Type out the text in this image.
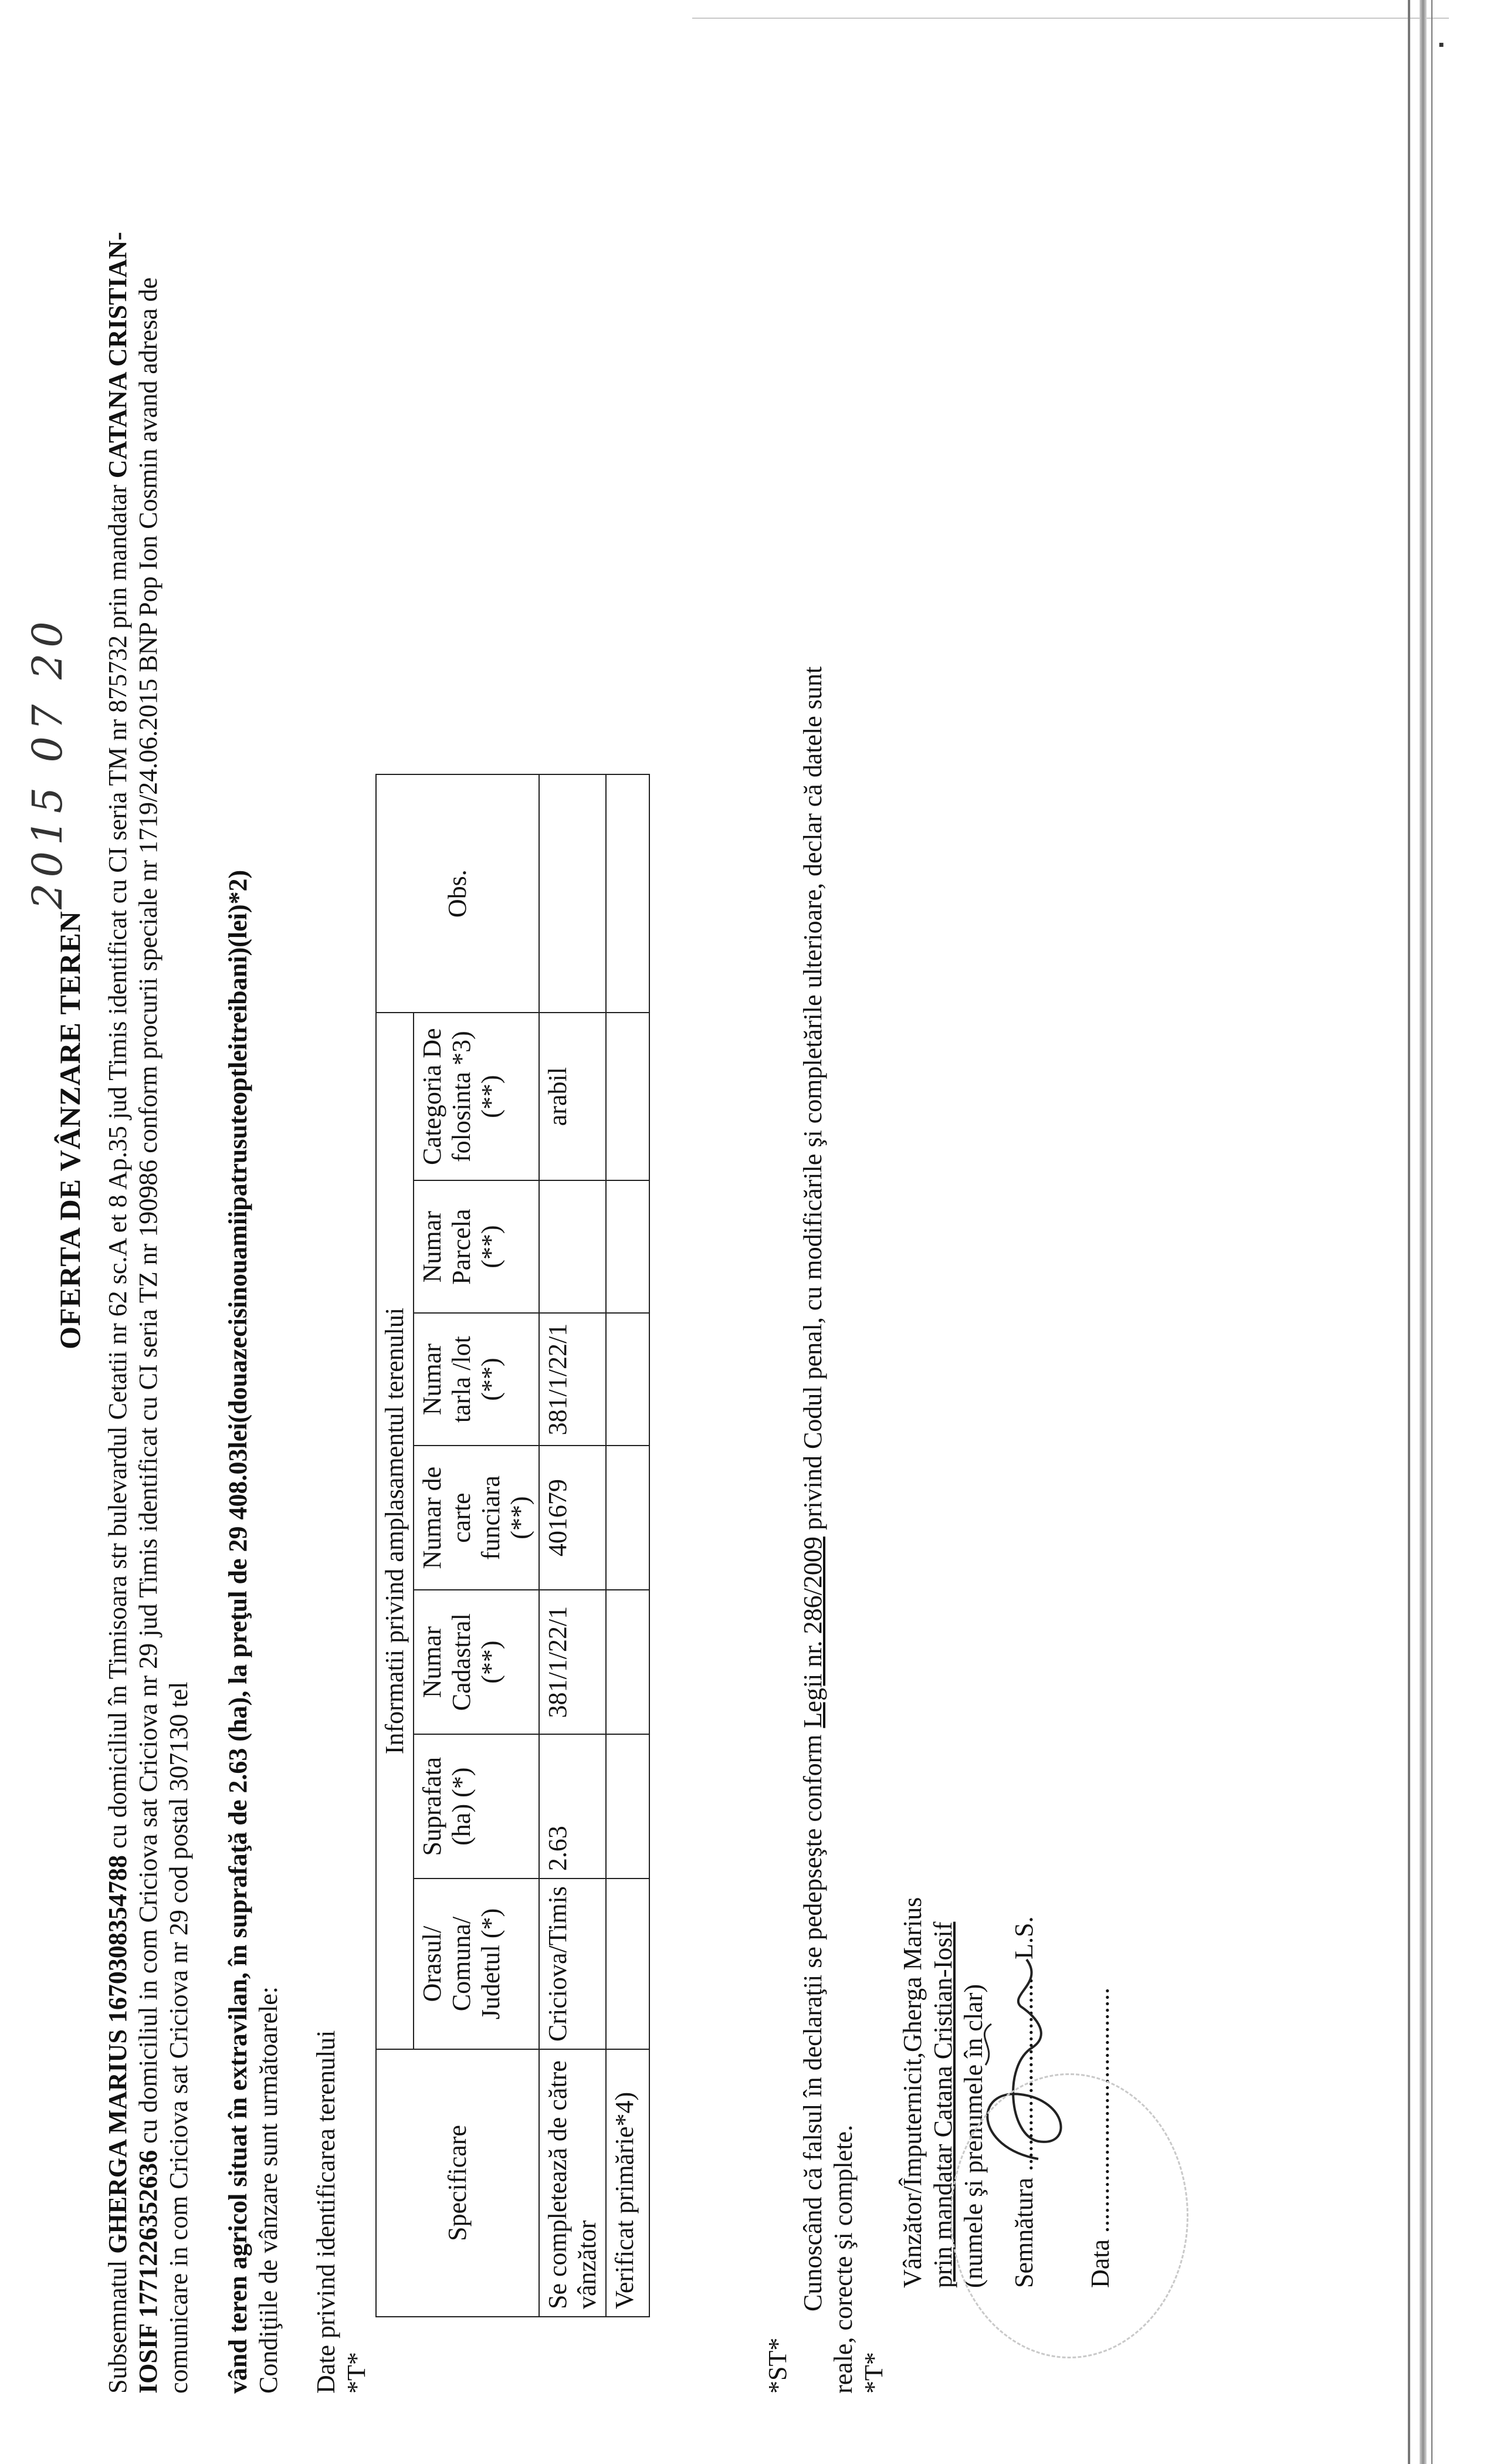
▪
OFERTA DE VÂNZARE TEREN
2015 07 20
Subsemnatul GHERGA MARIUS 1670308354788 cu domiciliul în Timisoara str bulevardul Cetatii nr 62 sc.A et 8 Ap.35 jud Timis identificat cu CI seria TM nr 875732 prin mandatar CATANA CRISTIAN-IOSIF 1771226352636 cu domiciliul in com Criciova sat Criciova nr 29 jud Timis identificat cu CI seria TZ nr 190986 conform procurii speciale nr 1719/24.06.2015 BNP Pop Ion Cosmin avand adresa de comunicare in com Criciova sat Criciova nr 29 cod postal 307130 tel vând teren agricol situat în extravilan, în suprafaţă de 2.63 (ha), la preţul de 29 408.03lei(douazecisinouamiipatrusuteoptleitreibani)(lei)*2)
Condiţiile de vânzare sunt următoarele: Date privind identificarea terenului
*T*
Specificare	Informatii privind amplasamentul terenului							Obs.
	Orasul/ Comuna/ Judetul (*)	Suprafata (ha) (*)	Numar Cadastral (**)	Numar de carte funciara (**)	Numar tarla /lot (**)	Numar Parcela (**)	Categoria De folosinta *3) (**)	
Se completează de către vânzător	Criciova/Timis	2.63	381/1/22/1	401679	381/1/22/1		arabil	
Verificat primărie*4)								
*ST*
Cunoscând că falsul în declaraţii se pedepseşte conform Legii nr. 286/2009 privind Codul penal, cu modificările şi completările ulterioare, declar că datele sunt
reale, corecte şi complete. *T*
Vânzător/Împuternicit,Gherga Marius prin mandatar Catana Cristian-Iosif (numele şi prenumele în clar) Semnătura .............................. L.S.
Data ......................................
